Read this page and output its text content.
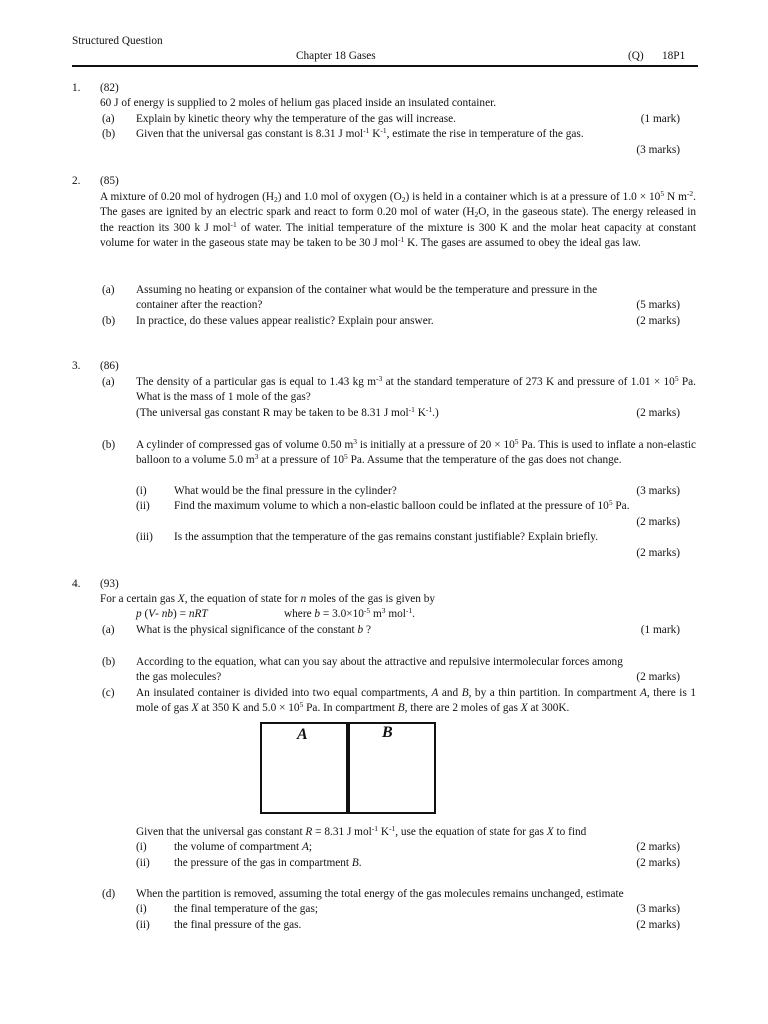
Structured Question
Chapter 18 Gases	(Q) 18P1
1. (82)
60 J of energy is supplied to 2 moles of helium gas placed inside an insulated container.
(a) Explain by kinetic theory why the temperature of the gas will increase.	(1 mark)
(b) Given that the universal gas constant is 8.31 J mol$^{-1}$ $K^{-1}$, estimate the rise in temperature of the gas.
(3 marks)
2. (85)
A mixture of 0.20 mol of hydrogen $(H_2)$ and 1.0 mol of oxygen $(O_2)$ is held in a container which is at a pressure of $1.0 \times 10^5$ N $m^{-2}$. The gases are ignited by an electric spark and react to form 0.20 mol of water ($H_2O$, in the gaseous state). The energy released in the reaction its 300 k J mol$^{-1}$ of water. The initial temperature of the mixture is 300 K and the molar heat capacity at constant volume for water in the gaseous state may be taken to be 30 J mol$^{-1}$ K. The gases are assumed to obey the ideal gas law.
(a) Assuming no heating or expansion of the container what would be the temperature and pressure in the
container after the reaction?	(5 marks)
(b) In practice, do these values appear realistic? Explain pour answer.	(2 marks)
3. (86)
(a) The density of a particular gas is equal to 1.43 kg $m^{-3}$ at the standard temperature of 273 K and pressure of $1.01 \times 10^5$ Pa. What is the mass of 1 mole of the gas?
(The universal gas constant R may be taken to be 8.31 J mol$^{-1}$ $K^{-1}$.)	(2 marks)
(b) A cylinder of compressed gas of volume 0.50 $m^3$ is initially at a pressure of $20 \times 10^5$ Pa. This is used to inflate a non-elastic balloon to a volume 5.0 $m^3$ at a pressure of $10^5$ Pa. Assume that the temperature of the gas does not change.
(i) What would be the final pressure in the cylinder?	(3 marks)
(ii) Find the maximum volume to which a non-elastic balloon could be inflated at the pressure of $10^5$ Pa.
(2 marks)
(iii) Is the assumption that the temperature of the gas remains constant justifiable? Explain briefly.
(2 marks)
4. (93)
For a certain gas X, the equation of state for n moles of the gas is given by
p (V- nb) = nRT	where $b = 3.0\times 10^{-5}$ $m^3$ mol$^{-1}$.
(a) What is the physical significance of the constant b ?	(1 mark)
(b) According to the equation, what can you say about the attractive and repulsive intermolecular forces among
the gas molecules?	(2 marks)
(c) An insulated container is divided into two equal compartments, A and B, by a thin partition. In compartment A, there is 1 mole of gas X at 350 K and $5.0 \times 10^5$ Pa. In compartment B, there are 2 moles of gas X at 300K.
A	B
Given that the universal gas constant R = 8.31 J mol$^{-1}$ $K^{-1}$, use the equation of state for gas X to find
(i) the volume of compartment A;	(2 marks)
(ii) the pressure of the gas in compartment B.	(2 marks)
(d) When the partition is removed, assuming the total energy of the gas molecules remains unchanged, estimate
(i) the final temperature of the gas;	(3 marks)
(ii) the final pressure of the gas.	(2 marks)
